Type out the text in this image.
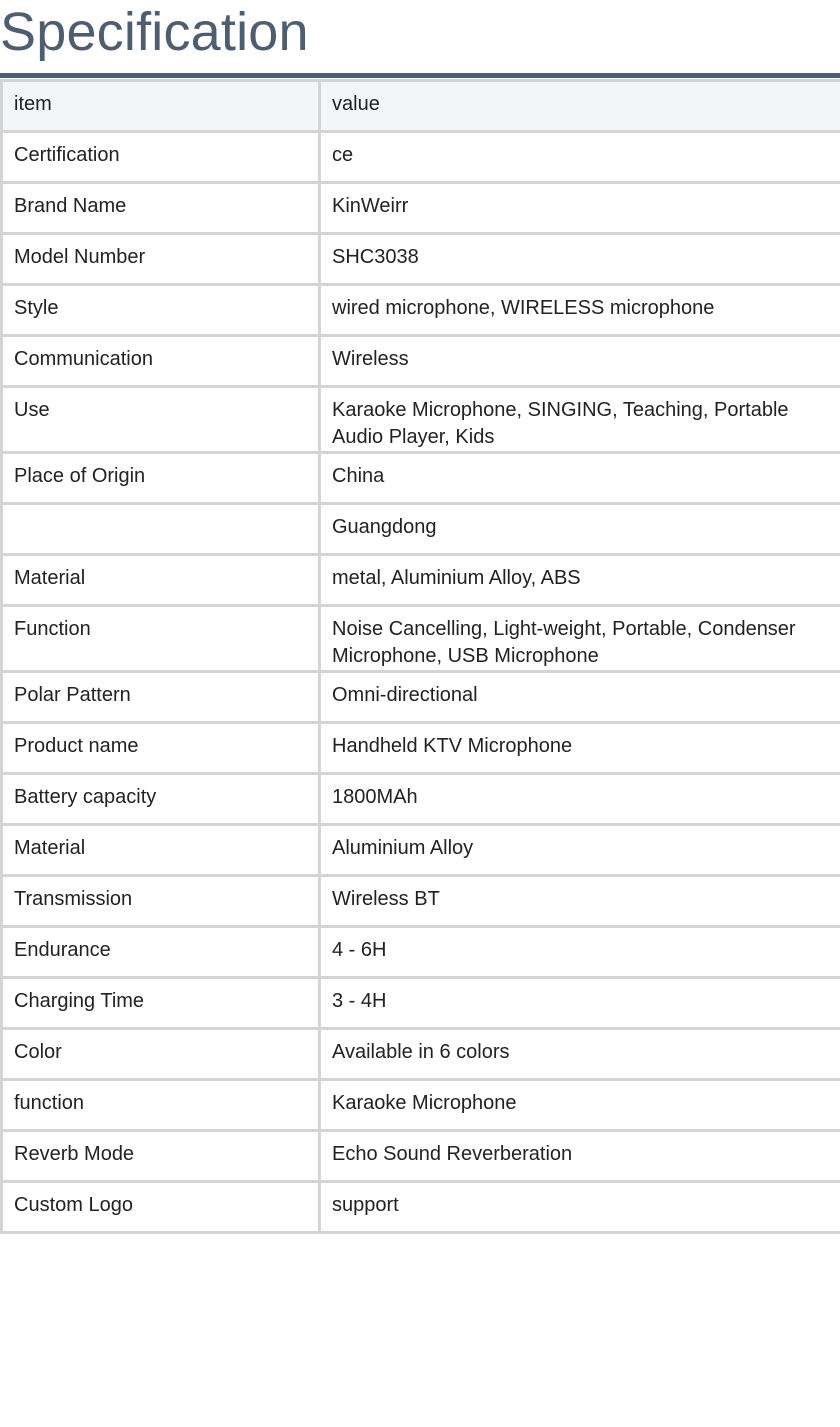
Specification
item	value
Certification	ce
Brand Name	KinWeirr
Model Number	SHC3038
Style	wired microphone, WIRELESS microphone
Communication	Wireless
Use	Karaoke Microphone, SINGING, Teaching, Portable Audio Player, Kids
Place of Origin	China
	Guangdong
Material	metal, Aluminium Alloy, ABS
Function	Noise Cancelling, Light-weight, Portable, Condenser Microphone, USB Microphone
Polar Pattern	Omni-directional
Product name	Handheld KTV Microphone
Battery capacity	1800MAh
Material	Aluminium Alloy
Transmission	Wireless BT
Endurance	4 - 6H
Charging Time	3 - 4H
Color	Available in 6 colors
function	Karaoke Microphone
Reverb Mode	Echo Sound Reverberation
Custom Logo	support
